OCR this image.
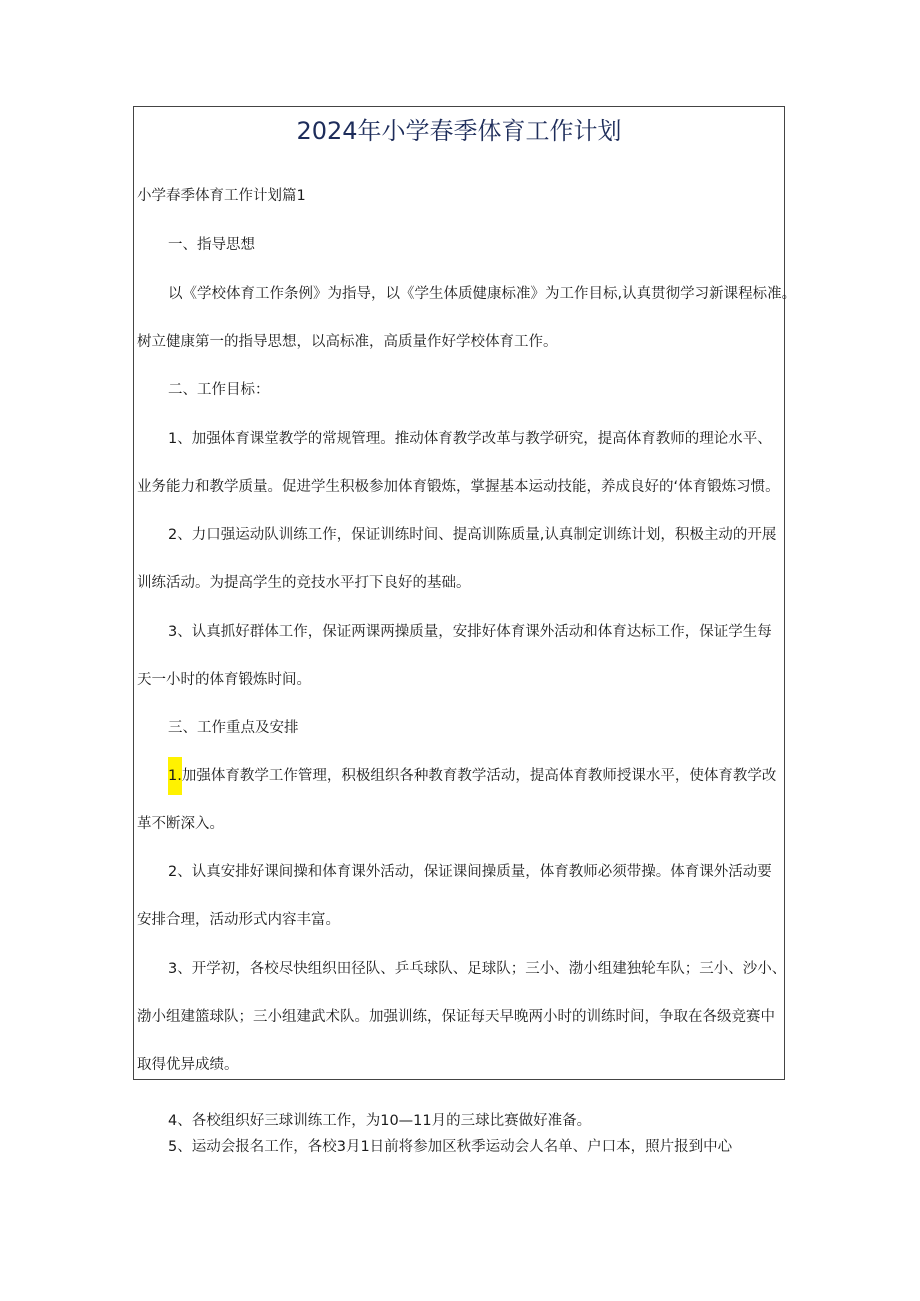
2024年小学春季体育工作计划
小学春季体育工作计划篇1
一、指导思想
以《学校体育工作条例》为指导，以《学生体质健康标准》为工作目标,认真贯彻学习新课程标准。
树立健康第一的指导思想，以高标准，高质量作好学校体育工作。
二、工作目标：
1、加强体育课堂教学的常规管理。推动体育教学改革与教学研究，提高体育教师的理论水平、
业务能力和教学质量。促进学生积极参加体育锻炼，掌握基本运动技能，养成良好的‘体育锻炼习惯。
2、力口强运动队训练工作，保证训练时间、提高训陈质量,认真制定训练计划，积极主动的开展
训练活动。为提高学生的竞技水平打下良好的基础。
3、认真抓好群体工作，保证两课两操质量，安排好体育课外活动和体育达标工作，保证学生每
天一小时的体育锻炼时间。
三、工作重点及安排
1.加强体育教学工作管理，积极组织各种教育教学活动，提高体育教师授课水平，使体育教学改
革不断深入。
2、认真安排好课间操和体育课外活动，保证课间操质量，体育教师必须带操。体育课外活动要
安排合理，活动形式内容丰富。
3、开学初，各校尽快组织田径队、乒乓球队、足球队；三小、渤小组建独轮车队；三小、沙小、
渤小组建篮球队；三小组建武术队。加强训练，保证每天早晚两小时的训练时间，争取在各级竞赛中
取得优异成绩。
4、各校组织好三球训练工作，为10—11月的三球比赛做好准备。
5、运动会报名工作，各校3月1日前将参加区秋季运动会人名单、户口本，照片报到中心
